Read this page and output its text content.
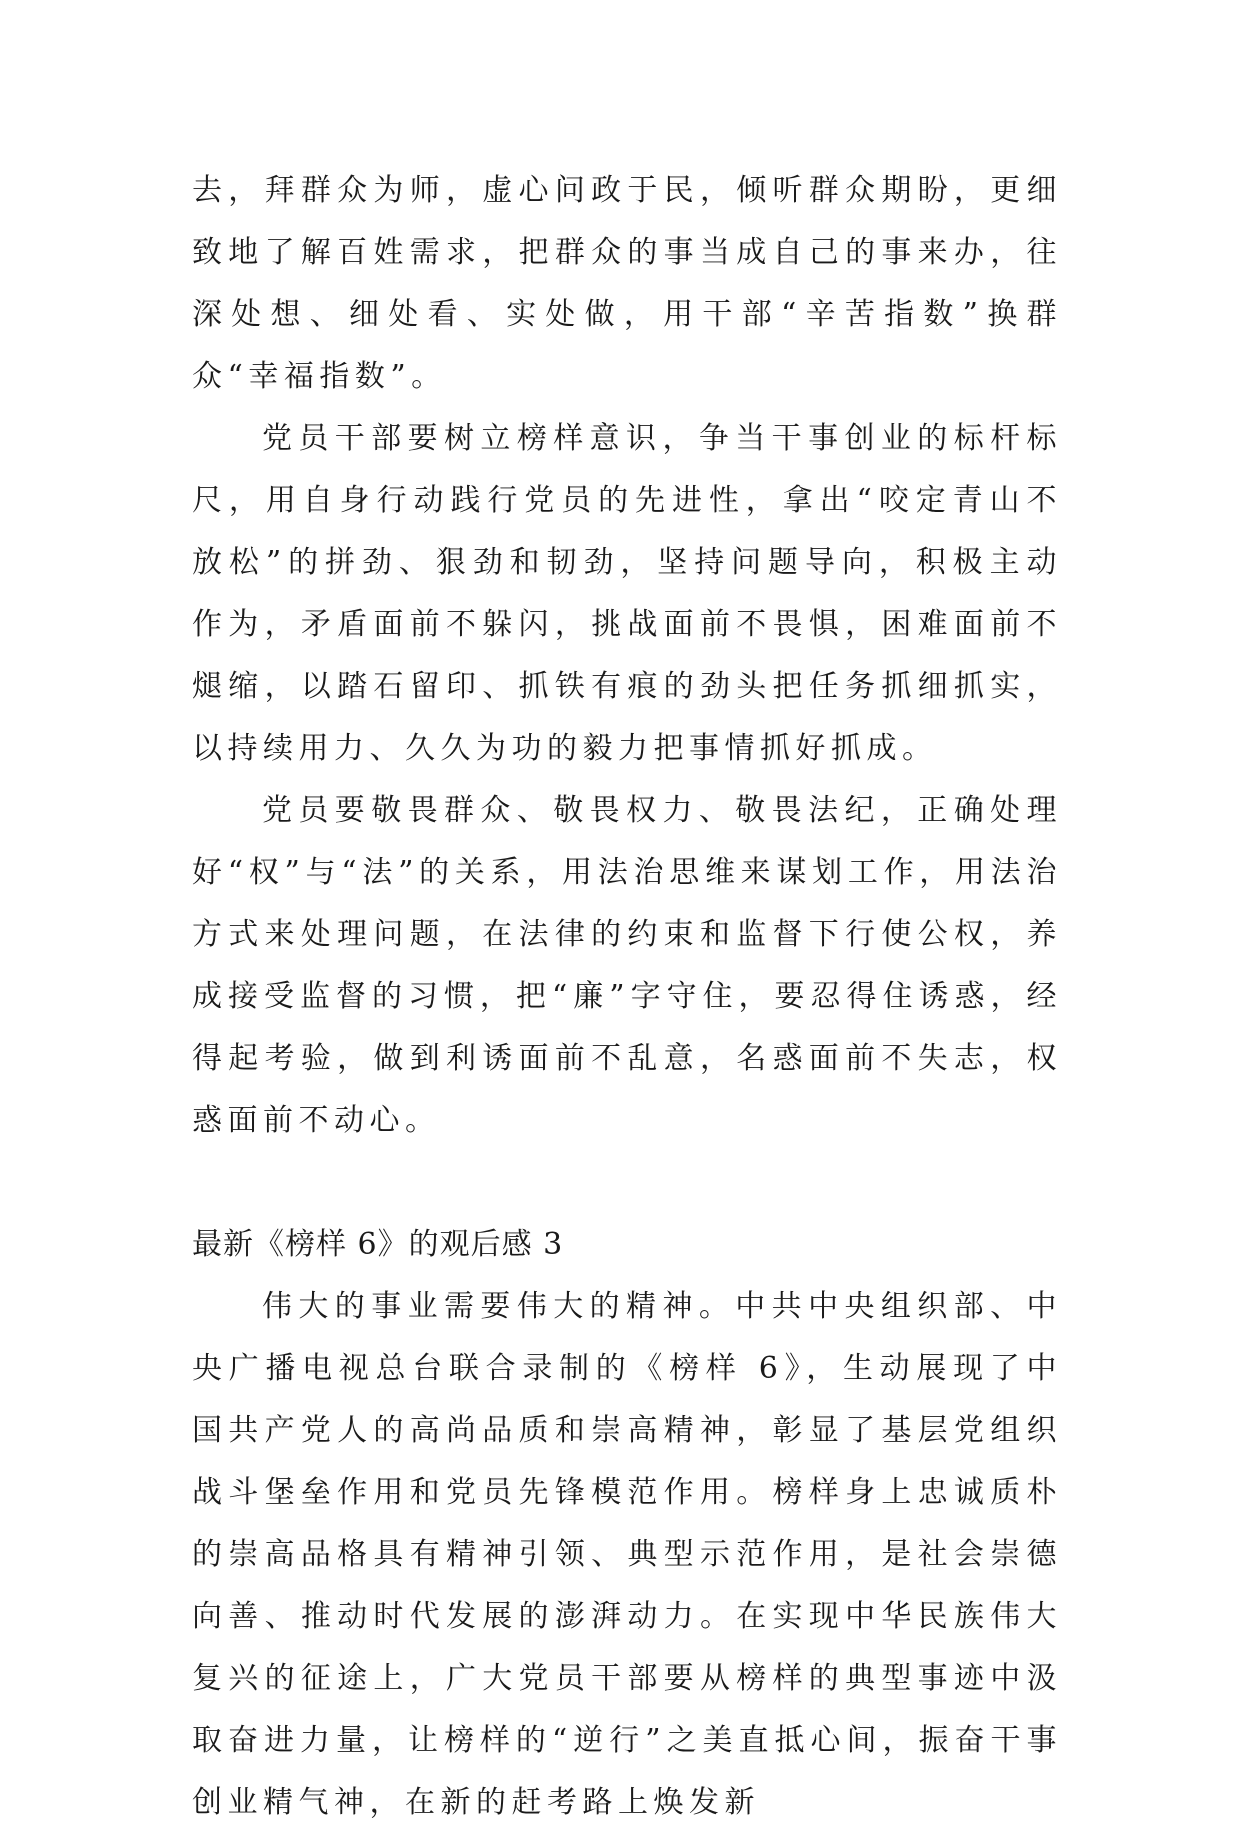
去，拜群众为师，虚心问政于民，倾听群众期盼，更细致地了解百姓需求，把群众的事当成自己的事来办，往深处想、细处看、实处做，用干部“辛苦指数”换群众“幸福指数”。

党员干部要树立榜样意识，争当干事创业的标杆标尺，用自身行动践行党员的先进性，拿出“咬定青山不放松”的拼劲、狠劲和韧劲，坚持问题导向，积极主动作为，矛盾面前不躲闪，挑战面前不畏惧，困难面前不煺缩，以踏石留印、抓铁有痕的劲头把任务抓细抓实，以持续用力、久久为功的毅力把事情抓好抓成。

党员要敬畏群众、敬畏权力、敬畏法纪，正确处理好“权”与“法”的关系，用法治思维来谋划工作，用法治方式来处理问题，在法律的约束和监督下行使公权，养成接受监督的习惯，把“廉”字守住，要忍得住诱惑，经得起考验，做到利诱面前不乱意，名惑面前不失志，权惑面前不动心。

最新《榜样 6》的观后感 3

伟大的事业需要伟大的精神。中共中央组织部、中央广播电视总台联合录制的《榜样 6》，生动展现了中国共产党人的高尚品质和崇高精神，彰显了基层党组织战斗堡垒作用和党员先锋模范作用。榜样身上忠诚质朴的崇高品格具有精神引领、典型示范作用，是社会崇德向善、推动时代发展的澎湃动力。在实现中华民族伟大复兴的征途上，广大党员干部要从榜样的典型事迹中汲取奋进力量，让榜样的“逆行”之美直抵心间，振奋干事创业精气神，在新的赶考路上焕发新
